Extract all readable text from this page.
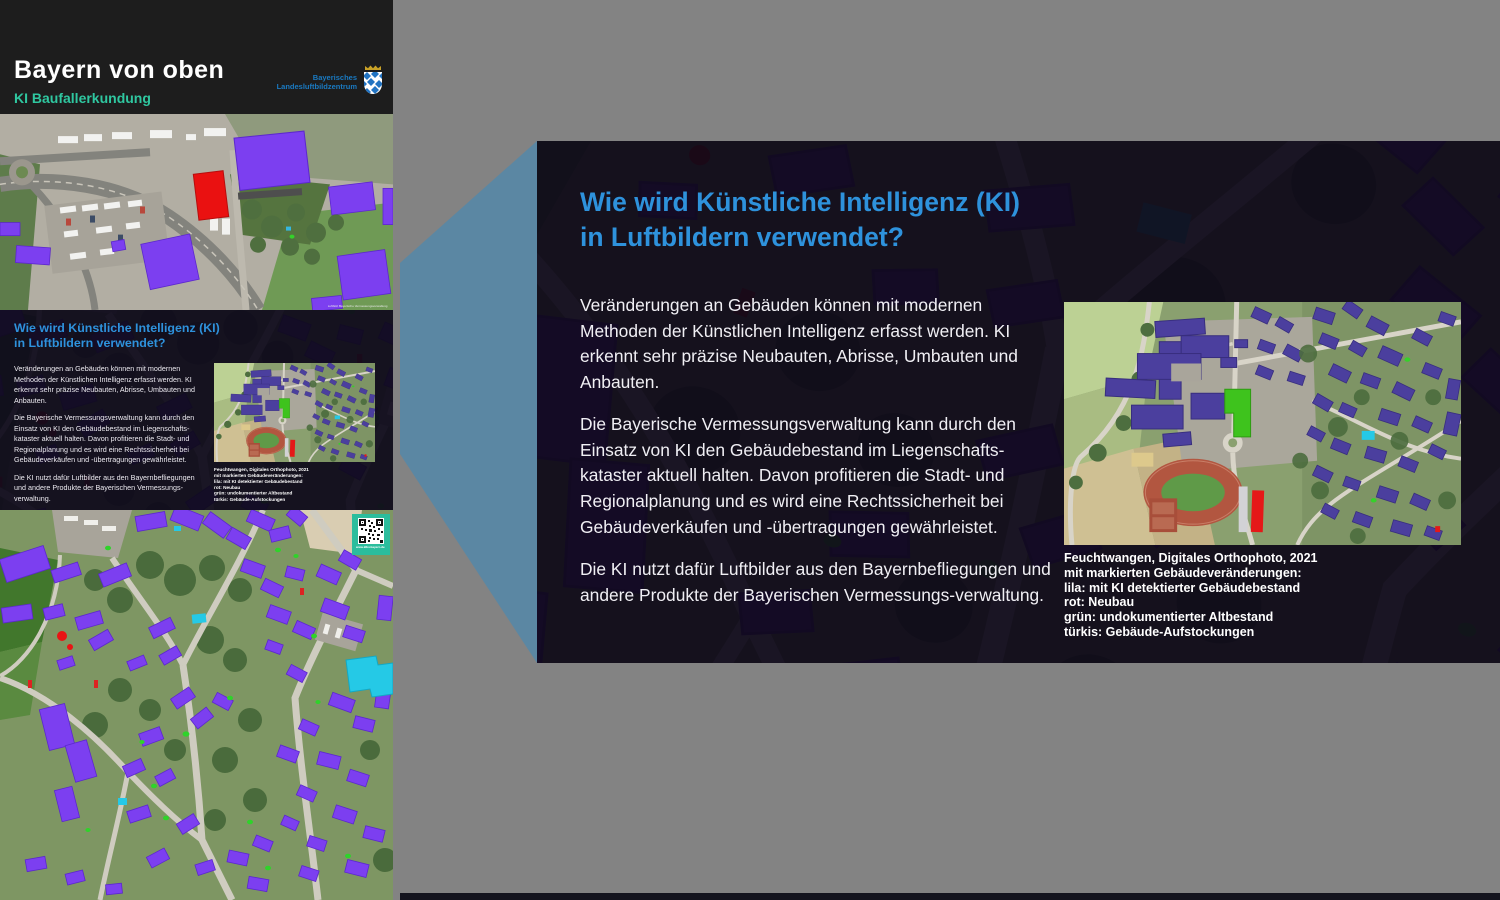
Bayern von oben
KI Baufallerkundung
Bayerisches
Landesluftbildzentrum
Luftbild: Bayerische Vermessungsverwaltung
Wie wird Künstliche Intelligenz (KI)
in Luftbildern verwendet?

Veränderungen an Gebäuden können mit modernen Methoden der Künstlichen Intelligenz erfasst werden. KI erkennt sehr präzise Neubauten, Abrisse, Umbauten und Anbauten.

Die Bayerische Vermessungsverwaltung kann durch den Einsatz von KI den Gebäudebestand im Liegenschafts-kataster aktuell halten. Davon profitieren die Stadt- und Regionalplanung und es wird eine Rechtssicherheit bei Gebäudeverkäufen und -übertragungen gewährleistet.

Die KI nutzt dafür Luftbilder aus den Bayernbefliegungen und andere Produkte der Bayerischen Vermessungs-verwaltung.

Feuchtwangen, Digitales Orthophoto, 2021
mit markierten Gebäudeveränderungen:
lila: mit KI detektierter Gebäudebestand
rot: Neubau
grün: undokumentierter Altbestand
türkis: Gebäude-Aufstockungen
www.ldbv.bayern.de
Wie wird Künstliche Intelligenz (KI)
in Luftbildern verwendet?

Veränderungen an Gebäuden können mit modernen Methoden der Künstlichen Intelligenz erfasst werden. KI erkennt sehr präzise Neubauten, Abrisse, Umbauten und Anbauten.

Die Bayerische Vermessungsverwaltung kann durch den Einsatz von KI den Gebäudebestand im Liegenschafts-kataster aktuell halten. Davon profitieren die Stadt- und Regionalplanung und es wird eine Rechtssicherheit bei Gebäudeverkäufen und -übertragungen gewährleistet.

Die KI nutzt dafür Luftbilder aus den Bayernbefliegungen und andere Produkte der Bayerischen Vermessungs-verwaltung.

Feuchtwangen, Digitales Orthophoto, 2021
mit markierten Gebäudeveränderungen:
lila: mit KI detektierter Gebäudebestand
rot: Neubau
grün: undokumentierter Altbestand
türkis: Gebäude-Aufstockungen
